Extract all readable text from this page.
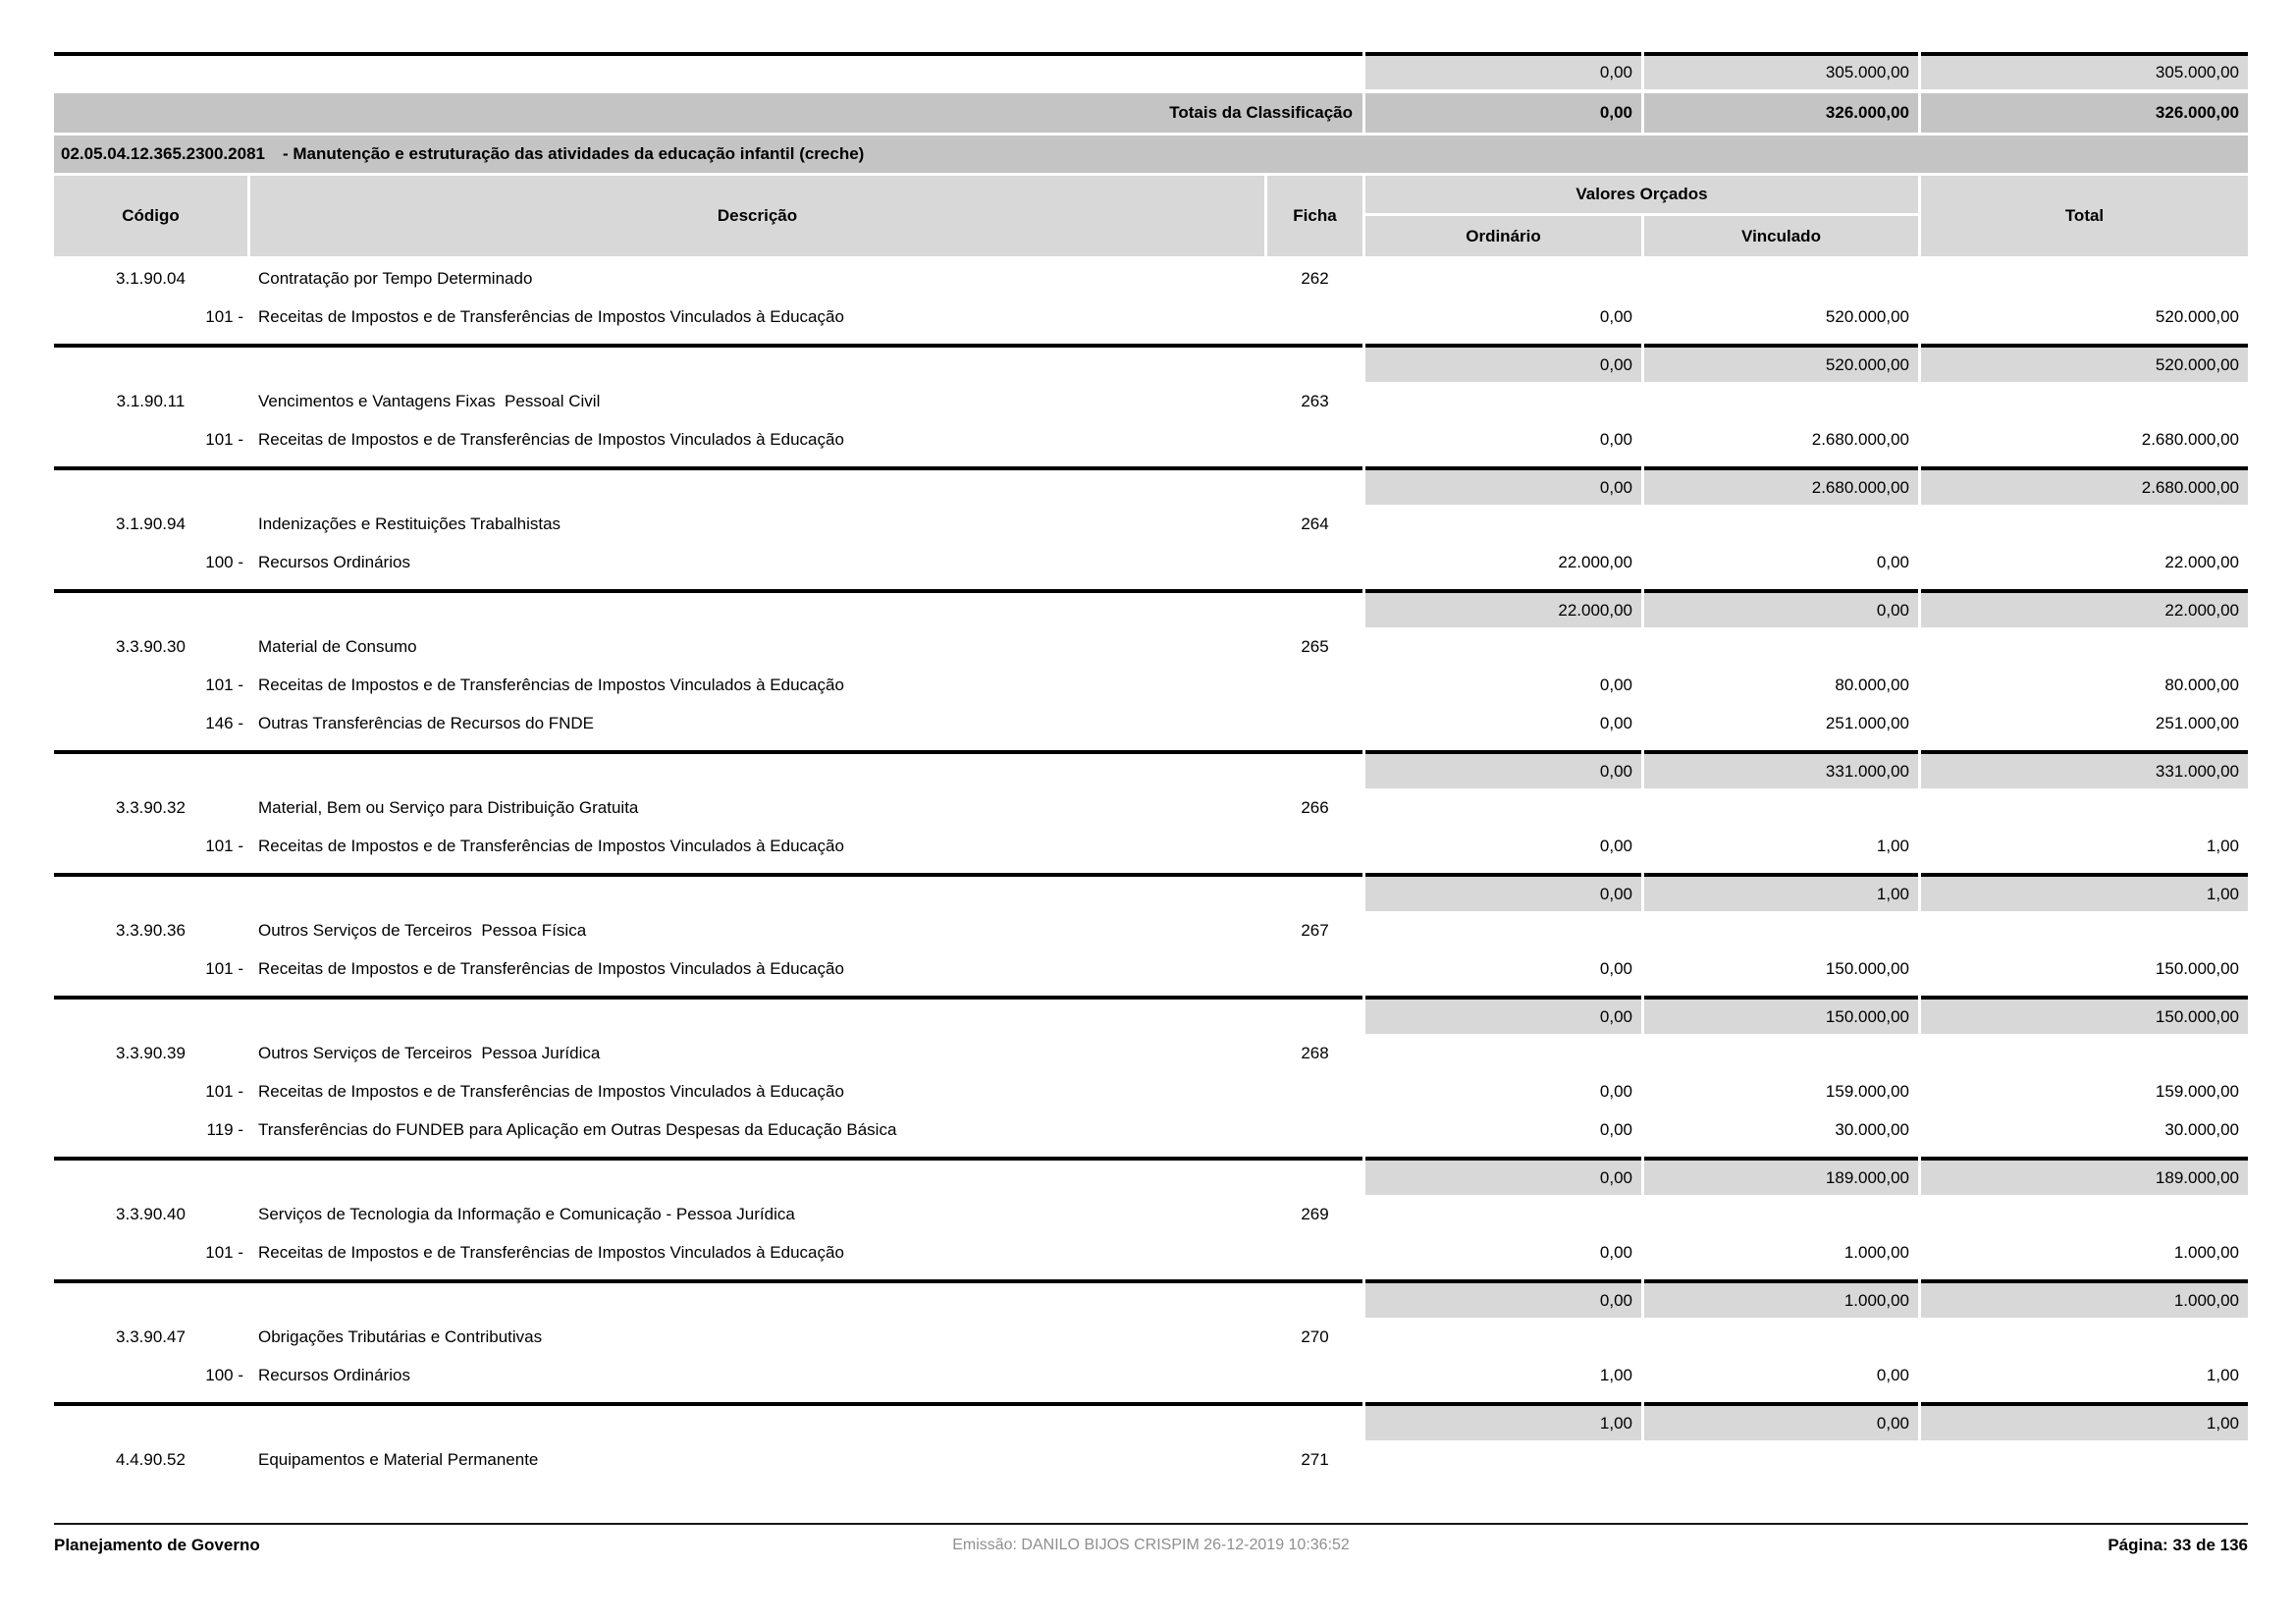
0,00	305.000,00	305.000,00
Totais da Classificação	0,00	326.000,00	326.000,00
02.05.04.12.365.2300.2081 - Manutenção e estruturação das atividades da educação infantil (creche)
Código	Descrição	Ficha
Valores Orçados
Ordinário	Vinculado
Total
3.1.90.04	Contratação por Tempo Determinado	262
101 - Receitas de Impostos e de Transferências de Impostos Vinculados à Educação	0,00	520.000,00	520.000,00
0,00	520.000,00	520.000,00
3.1.90.11	Vencimentos e Vantagens Fixas  Pessoal Civil	263
101 - Receitas de Impostos e de Transferências de Impostos Vinculados à Educação	0,00	2.680.000,00	2.680.000,00
0,00	2.680.000,00	2.680.000,00
3.1.90.94	Indenizações e Restituições Trabalhistas	264
100 - Recursos Ordinários	22.000,00	0,00	22.000,00
22.000,00	0,00	22.000,00
3.3.90.30	Material de Consumo	265
101 - Receitas de Impostos e de Transferências de Impostos Vinculados à Educação	0,00	80.000,00	80.000,00
146 - Outras Transferências de Recursos do FNDE	0,00	251.000,00	251.000,00
0,00	331.000,00	331.000,00
3.3.90.32	Material, Bem ou Serviço para Distribuição Gratuita	266
101 - Receitas de Impostos e de Transferências de Impostos Vinculados à Educação	0,00	1,00	1,00
0,00	1,00	1,00
3.3.90.36	Outros Serviços de Terceiros  Pessoa Física	267
101 - Receitas de Impostos e de Transferências de Impostos Vinculados à Educação	0,00	150.000,00	150.000,00
0,00	150.000,00	150.000,00
3.3.90.39	Outros Serviços de Terceiros  Pessoa Jurídica	268
101 - Receitas de Impostos e de Transferências de Impostos Vinculados à Educação	0,00	159.000,00	159.000,00
119 - Transferências do FUNDEB para Aplicação em Outras Despesas da Educação Básica	0,00	30.000,00	30.000,00
0,00	189.000,00	189.000,00
3.3.90.40	Serviços de Tecnologia da Informação e Comunicação - Pessoa Jurídica	269
101 - Receitas de Impostos e de Transferências de Impostos Vinculados à Educação	0,00	1.000,00	1.000,00
0,00	1.000,00	1.000,00
3.3.90.47	Obrigações Tributárias e Contributivas	270
100 - Recursos Ordinários	1,00	0,00	1,00
1,00	0,00	1,00
4.4.90.52	Equipamentos e Material Permanente	271
Planejamento de Governo	Emissão: DANILO BIJOS CRISPIM 26-12-2019 10:36:52	Página: 33 de 136
